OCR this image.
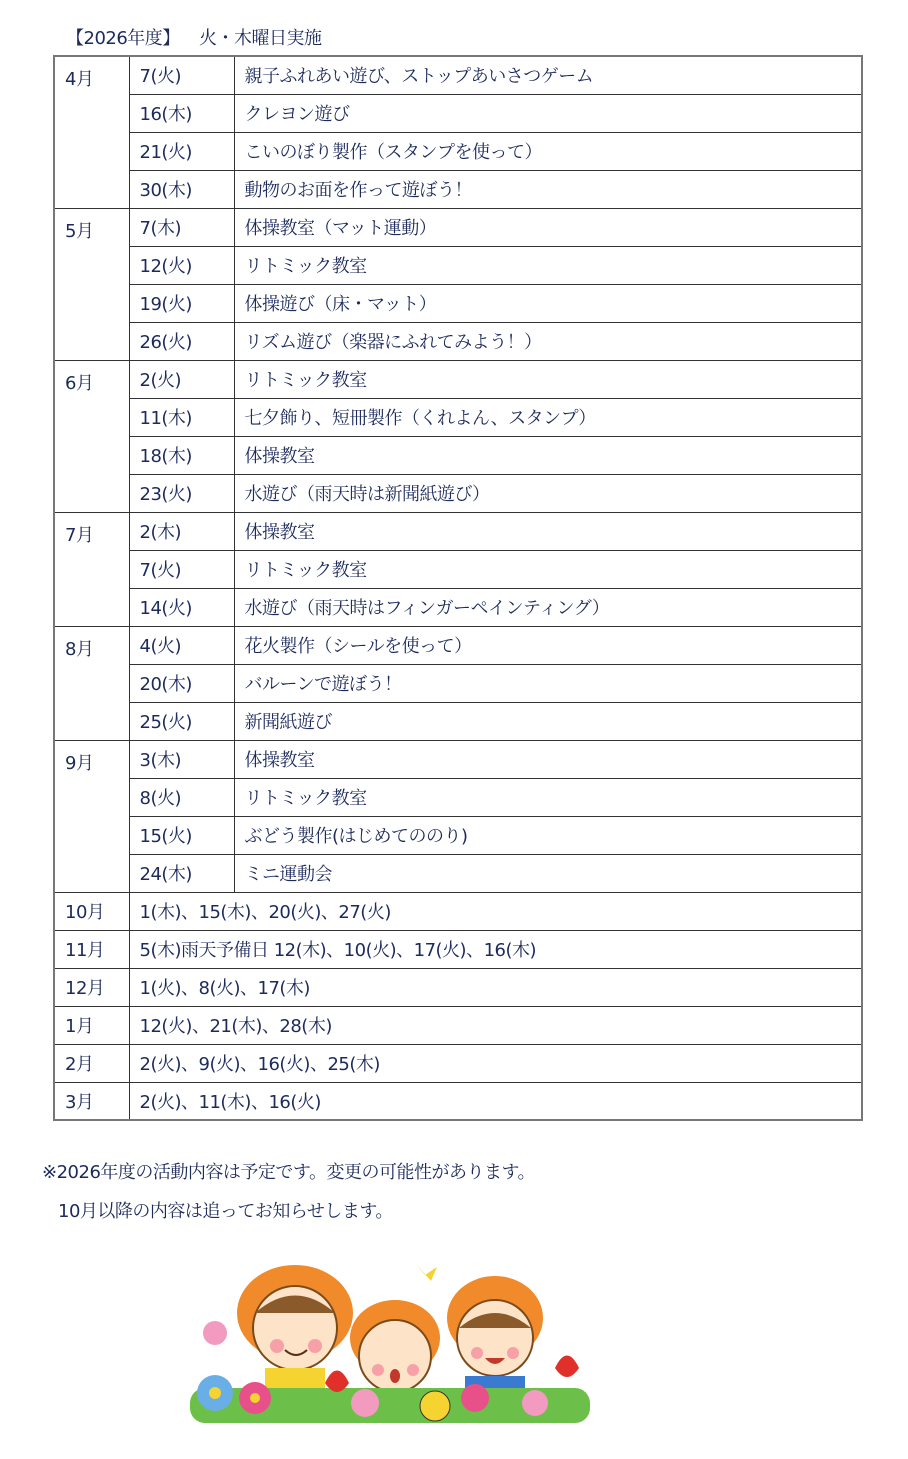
【2026年度】 火・木曜日実施
4月	7(火)	親子ふれあい遊び、ストップあいさつゲーム
	16(木)	クレヨン遊び
	21(火)	こいのぼり製作（スタンプを使って）
	30(木)	動物のお面を作って遊ぼう！
5月	7(木)	体操教室（マット運動）
	12(火)	リトミック教室
	19(火)	体操遊び（床・マット）
	26(火)	リズム遊び（楽器にふれてみよう！）
6月	2(火)	リトミック教室
	11(木)	七夕飾り、短冊製作（くれよん、スタンプ）
	18(木)	体操教室
	23(火)	水遊び（雨天時は新聞紙遊び）
7月	2(木)	体操教室
	7(火)	リトミック教室
	14(火)	水遊び（雨天時はフィンガーペインティング）
8月	4(火)	花火製作（シールを使って）
	20(木)	バルーンで遊ぼう！
	25(火)	新聞紙遊び
9月	3(木)	体操教室
	8(火)	リトミック教室
	15(火)	ぶどう製作(はじめてののり)
	24(木)	ミニ運動会
10月	1(木)、15(木)、20(火)、27(火)	
11月	5(木)雨天予備日 12(木)、10(火)、17(火)、16(木)	
12月	1(火)、8(火)、17(木)	
1月	12(火)、21(木)、28(木)	
2月	2(火)、9(火)、16(火)、25(木)	
3月	2(火)、11(木)、16(火)	
※2026年度の活動内容は予定です。変更の可能性があります。
10月以降の内容は追ってお知らせします。
